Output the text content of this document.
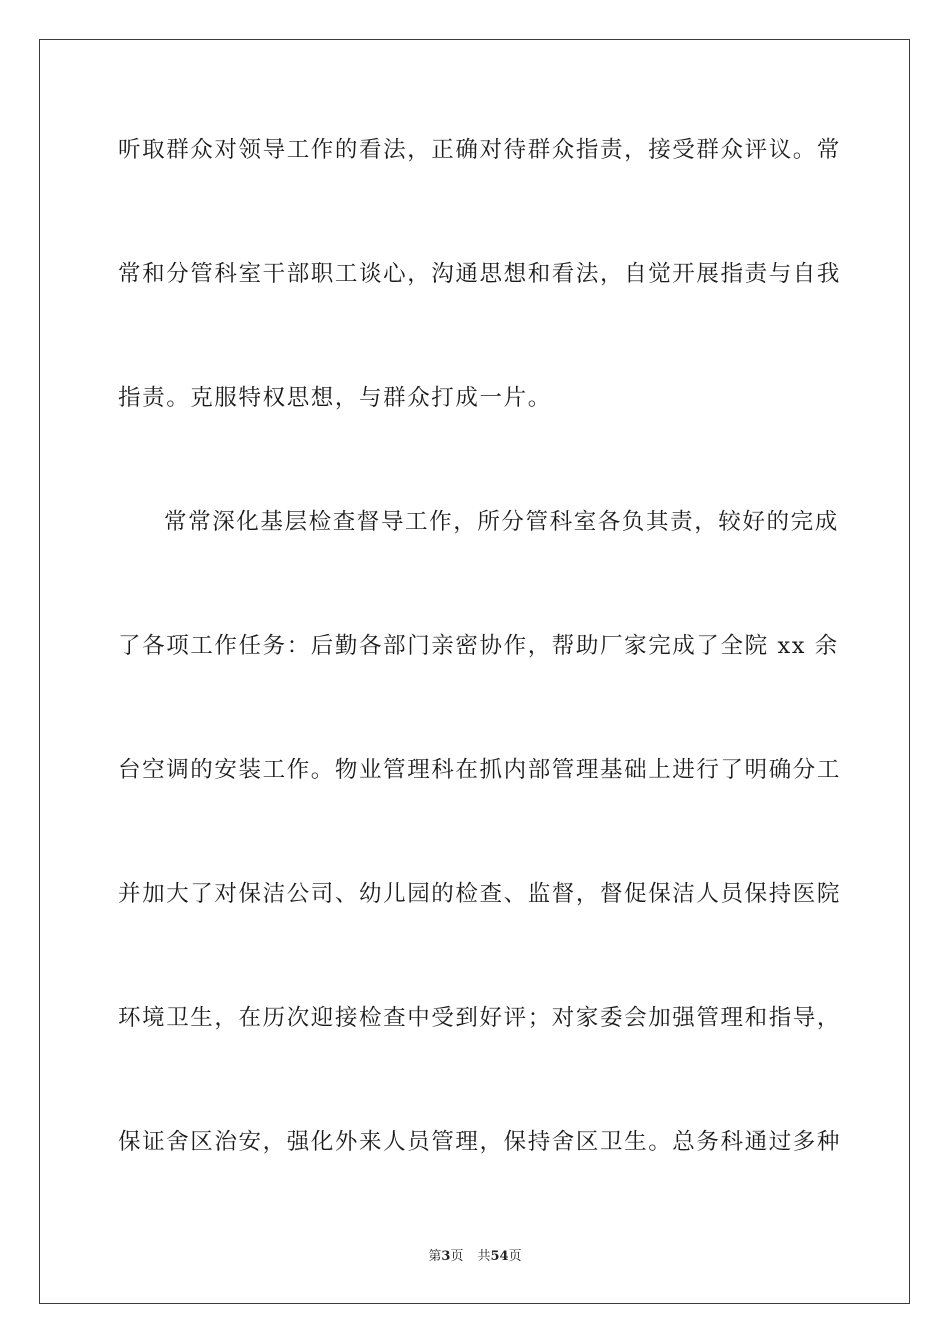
听取群众对领导工作的看法，正确对待群众指责，接受群众评议。常
常和分管科室干部职工谈心，沟通思想和看法，自觉开展指责与自我
指责。克服特权思想，与群众打成一片。
常常深化基层检查督导工作，所分管科室各负其责，较好的完成
了各项工作任务：后勤各部门亲密协作，帮助厂家完成了全院 xx 余
台空调的安装工作。物业管理科在抓内部管理基础上进行了明确分工
并加大了对保洁公司、幼儿园的检查、监督，督促保洁人员保持医院
环境卫生，在历次迎接检查中受到好评；对家委会加强管理和指导，
保证舍区治安，强化外来人员管理，保持舍区卫生。总务科通过多种
第3页 共54页
